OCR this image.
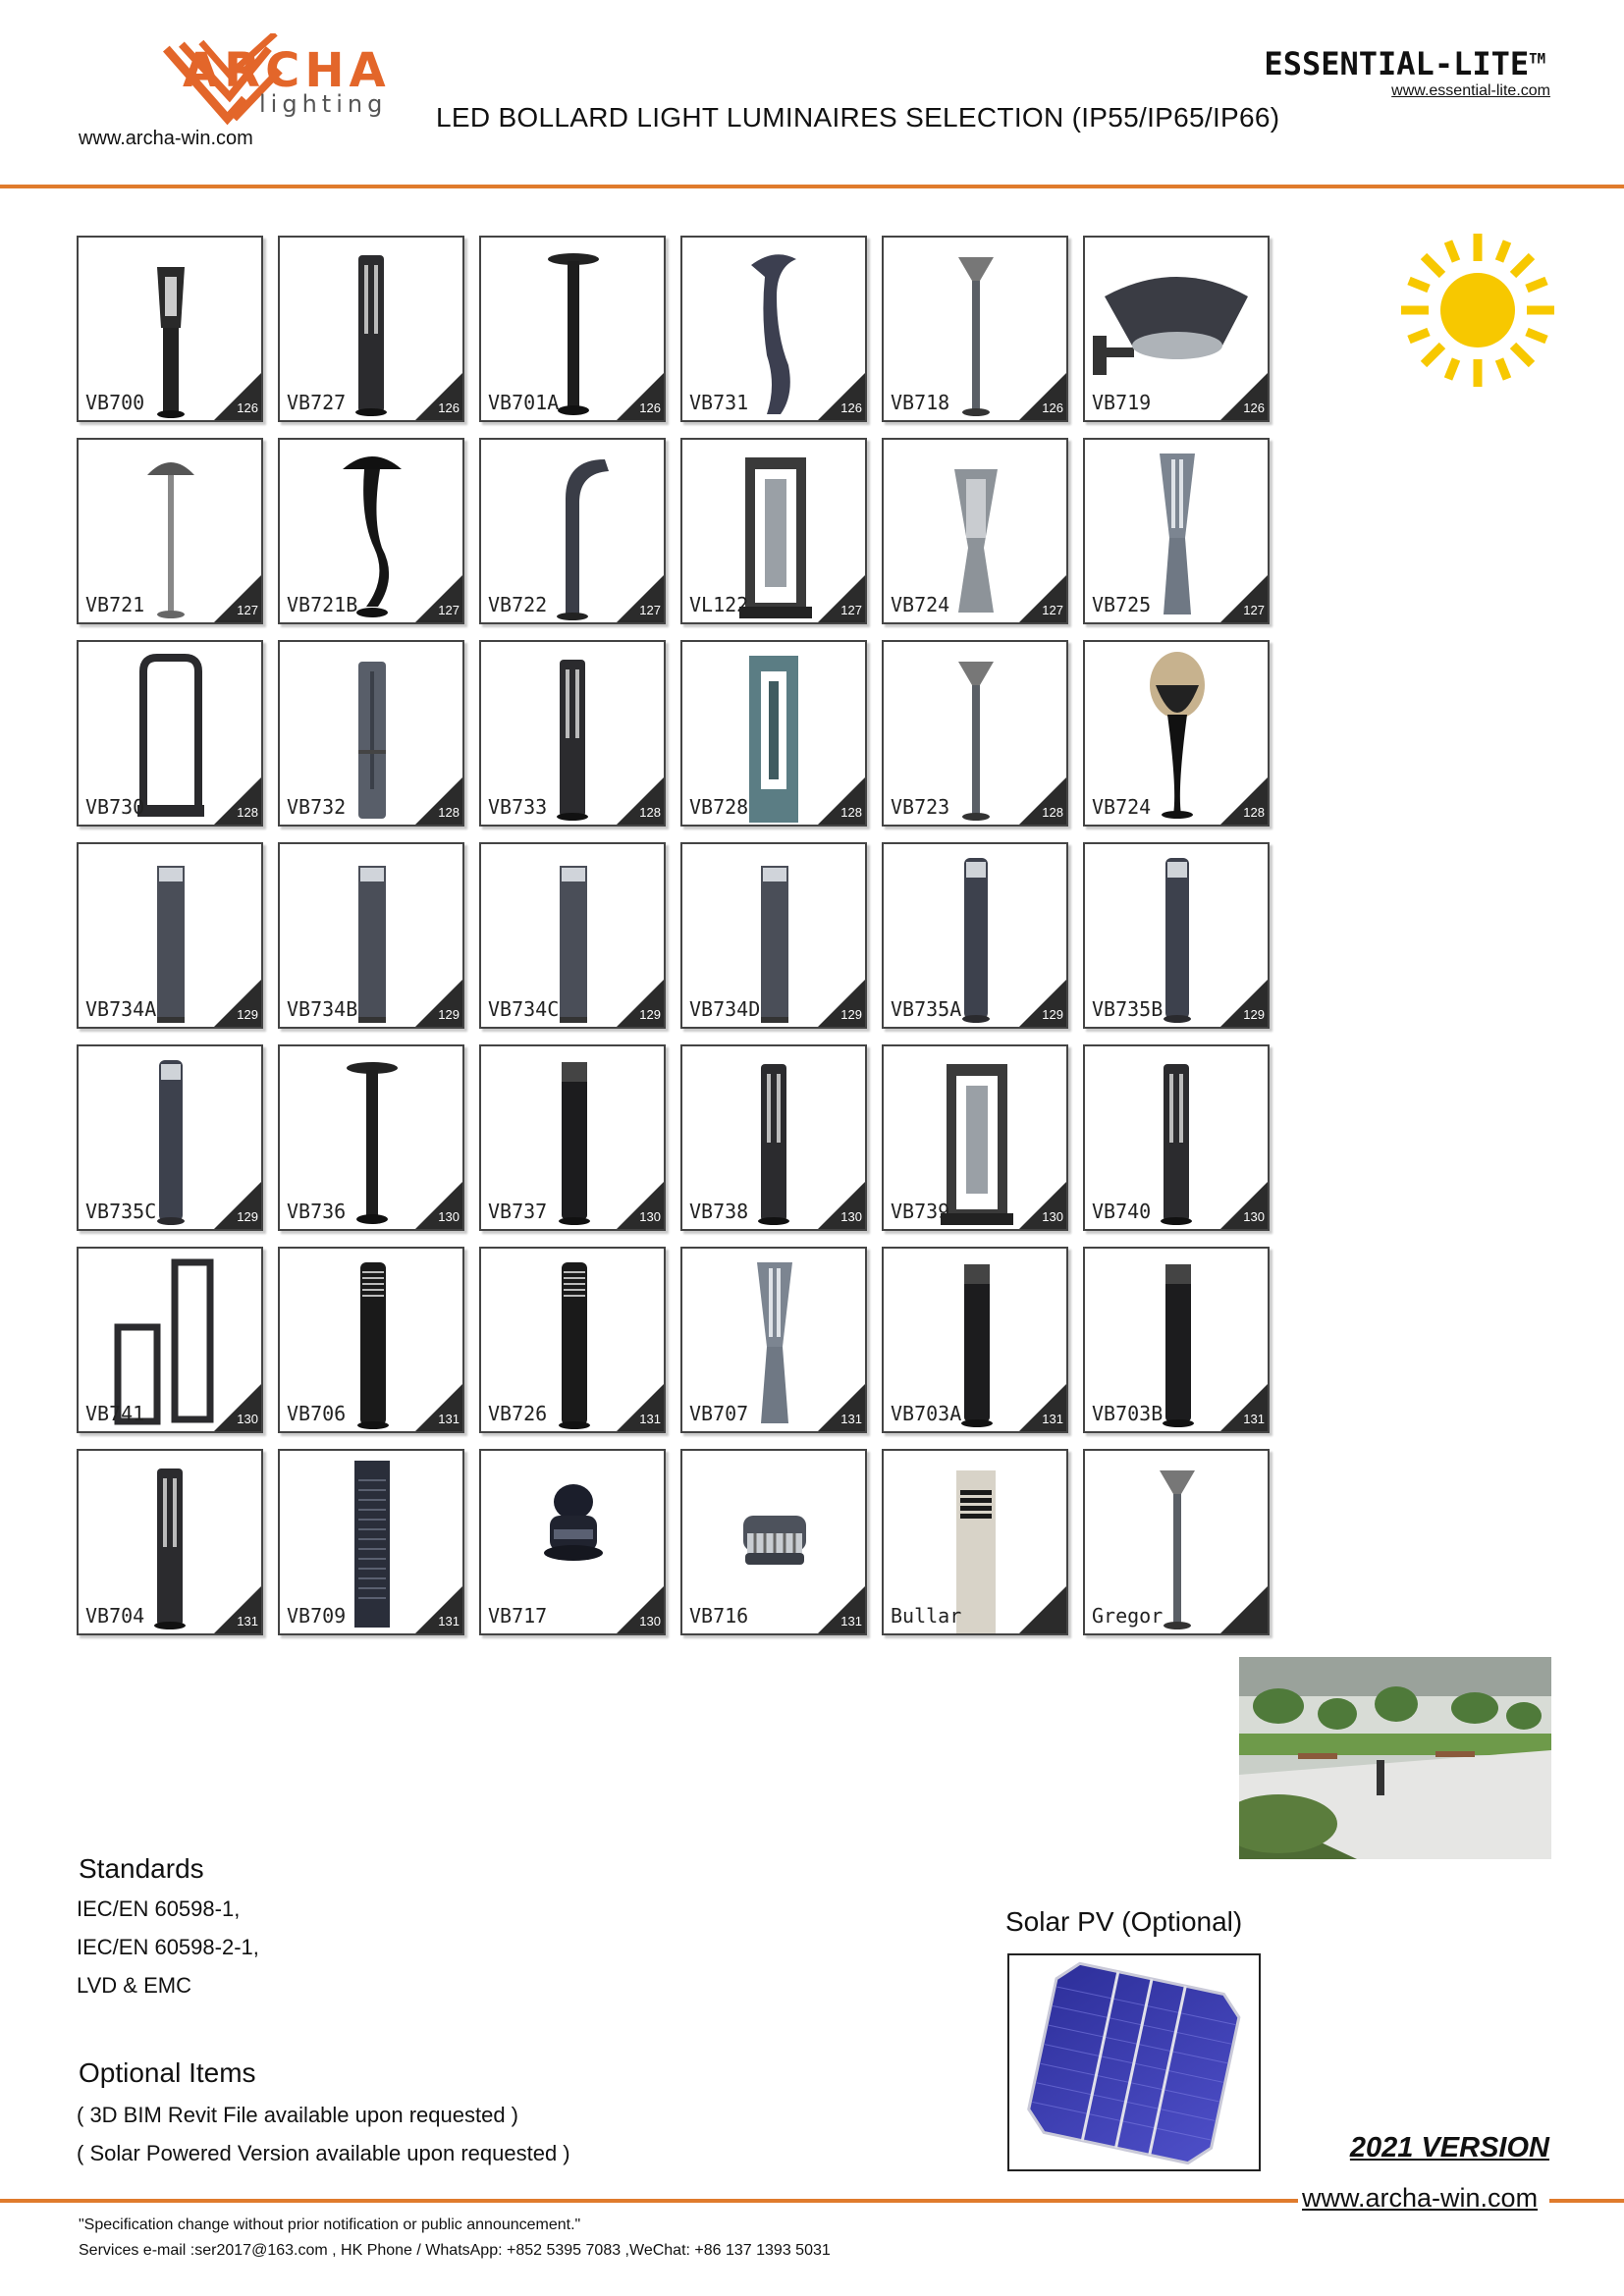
ARCHA
lighting
www.archa-win.com
LED BOLLARD LIGHT LUMINAIRES SELECTION (IP55/IP65/IP66)
ESSENTIAL-LITE™
www.essential-lite.com
VB700	126 VB727	126 VB701A	126 VB731	126 VB718	126 VB719	126
VB721	127 VB721B	127 VB722	127 VL122	127 VB724	127 VB725	127
VB730	128 VB732	128 VB733	128 VB728	128 VB723	128 VB724	128
VB734A	129 VB734B	129 VB734C	129 VB734D	129 VB735A	129 VB735B	129
VB735C	129 VB736	130 VB737	130 VB738	130 VB739	130 VB740	130
VB741	130 VB706	131 VB726	131 VB707	131 VB703A	131 VB703B	131
VB704	131 VB709	131 VB717	130 VB716	131 Bullar	Gregor
Standards
IEC/EN 60598-1,
IEC/EN 60598-2-1,
LVD & EMC
Optional Items
( 3D BIM Revit File available upon requested )
( Solar Powered Version available upon requested )
Solar PV (Optional)
2021 VERSION
www.archa-win.com
"Specification change without prior notification or public announcement."
Services e-mail :ser2017@163.com , HK Phone / WhatsApp: +852 5395 7083 ,WeChat: +86 137 1393 5031
